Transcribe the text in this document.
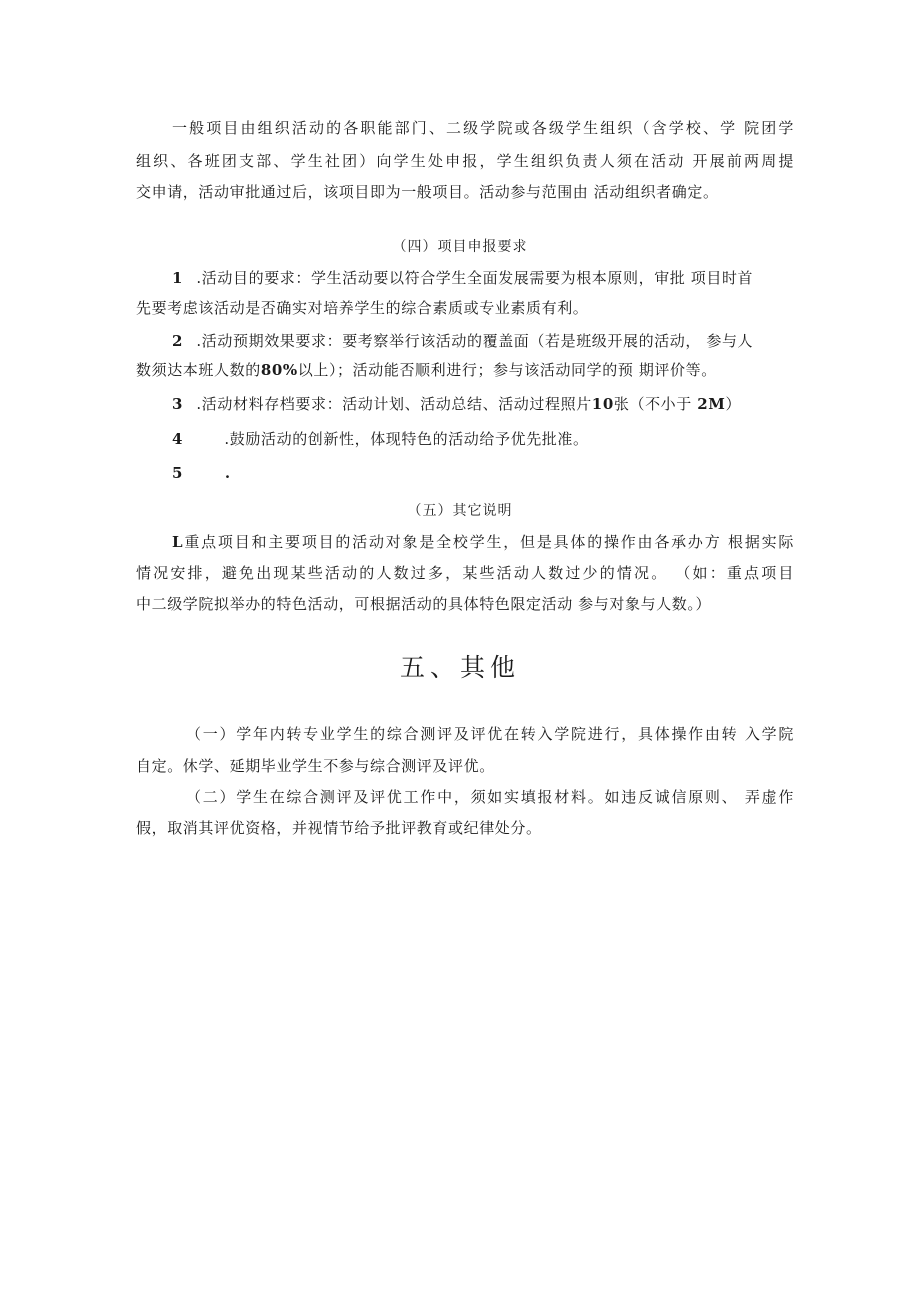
一般项目由组织活动的各职能部门、二级学院或各级学生组织（含学校、学 院团学
组织、各班团支部、学生社团）向学生处申报，学生组织负责人须在活动 开展前两周提
交申请，活动审批通过后，该项目即为一般项目。活动参与范围由 活动组织者确定。
（四）项目申报要求
1 .活动目的要求：学生活动要以符合学生全面发展需要为根本原则，审批 项目时首
先要考虑该活动是否确实对培养学生的综合素质或专业素质有利。
2 .活动预期效果要求：要考察举行该活动的覆盖面（若是班级开展的活动， 参与人
数须达本班人数的80%以上）；活动能否顺利进行；参与该活动同学的预 期评价等。
3 .活动材料存档要求：活动计划、活动总结、活动过程照片10张（不小于 2M）
4	.鼓励活动的创新性，体现特色的活动给予优先批准。
5	.
（五）其它说明
L重点项目和主要项目的活动对象是全校学生，但是具体的操作由各承办方 根据实际
情况安排，避免出现某些活动的人数过多，某些活动人数过少的情况。 （如：重点项目
中二级学院拟举办的特色活动，可根据活动的具体特色限定活动 参与对象与人数。）
五、其他
（一）学年内转专业学生的综合测评及评优在转入学院进行，具体操作由转 入学院
自定。休学、延期毕业学生不参与综合测评及评优。
（二）学生在综合测评及评优工作中，须如实填报材料。如违反诚信原则、 弄虚作
假，取消其评优资格，并视情节给予批评教育或纪律处分。
